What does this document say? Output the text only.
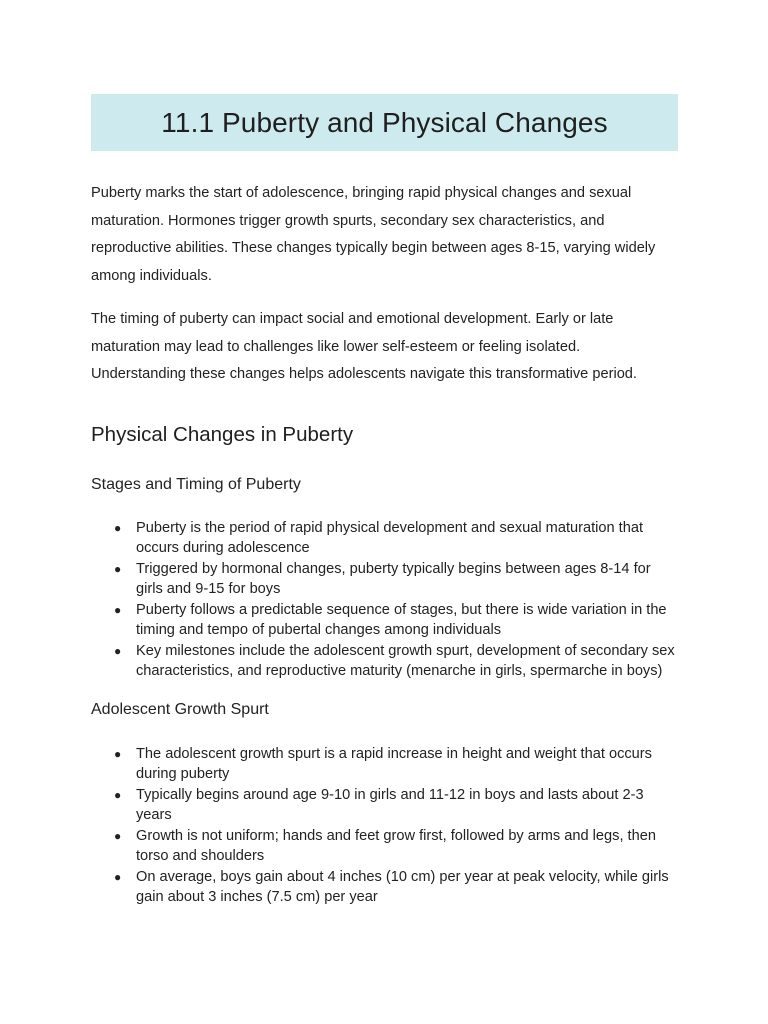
11.1 Puberty and Physical Changes

Puberty marks the start of adolescence, bringing rapid physical changes and sexual maturation. Hormones trigger growth spurts, secondary sex characteristics, and reproductive abilities. These changes typically begin between ages 8-15, varying widely among individuals.

The timing of puberty can impact social and emotional development. Early or late maturation may lead to challenges like lower self-esteem or feeling isolated. Understanding these changes helps adolescents navigate this transformative period.

Physical Changes in Puberty
Stages and Timing of Puberty
● Puberty is the period of rapid physical development and sexual maturation that occurs during adolescence
● Triggered by hormonal changes, puberty typically begins between ages 8-14 for girls and 9-15 for boys
● Puberty follows a predictable sequence of stages, but there is wide variation in the timing and tempo of pubertal changes among individuals
● Key milestones include the adolescent growth spurt, development of secondary sex characteristics, and reproductive maturity (menarche in girls, spermarche in boys)
Adolescent Growth Spurt
● The adolescent growth spurt is a rapid increase in height and weight that occurs during puberty
● Typically begins around age 9-10 in girls and 11-12 in boys and lasts about 2-3 years
● Growth is not uniform; hands and feet grow first, followed by arms and legs, then torso and shoulders
● On average, boys gain about 4 inches (10 cm) per year at peak velocity, while girls gain about 3 inches (7.5 cm) per year
